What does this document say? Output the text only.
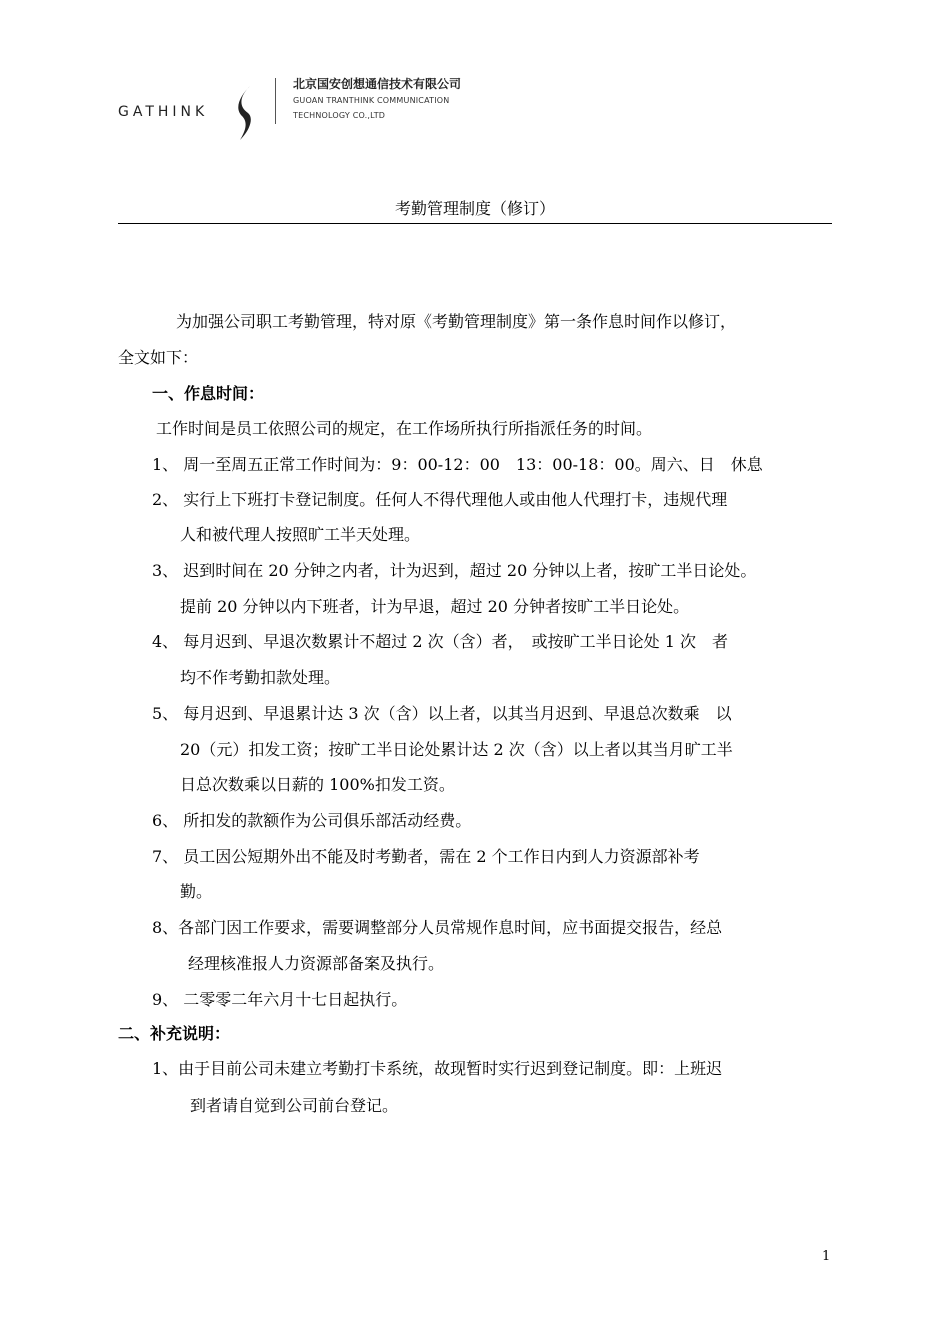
GATHINK
北京国安创想通信技术有限公司
GUOAN TRANTHINK COMMUNICATION
TECHNOLOGY CO.,LTD
考勤管理制度（修订）
为加强公司职工考勤管理，特对原《考勤管理制度》第一条作息时间作以修订，
全文如下：
一、作息时间：
工作时间是员工依照公司的规定，在工作场所执行所指派任务的时间。
1、 周一至周五正常工作时间为：9：00-12：00　13：00-18：00。周六、日　休息
2、 实行上下班打卡登记制度。任何人不得代理他人或由他人代理打卡，违规代理
人和被代理人按照旷工半天处理。
3、 迟到时间在 20 分钟之内者，计为迟到，超过 20 分钟以上者，按旷工半日论处。
提前 20 分钟以内下班者，计为早退，超过 20 分钟者按旷工半日论处。
4、 每月迟到、早退次数累计不超过 2 次（含）者，　或按旷工半日论处 1 次　者
均不作考勤扣款处理。
5、 每月迟到、早退累计达 3 次（含）以上者，以其当月迟到、早退总次数乘　以
20（元）扣发工资；按旷工半日论处累计达 2 次（含）以上者以其当月旷工半
日总次数乘以日薪的 100%扣发工资。
6、 所扣发的款额作为公司俱乐部活动经费。
7、 员工因公短期外出不能及时考勤者，需在 2 个工作日内到人力资源部补考
勤。
8、各部门因工作要求，需要调整部分人员常规作息时间，应书面提交报告，经总
经理核准报人力资源部备案及执行。
9、 二零零二年六月十七日起执行。
二、补充说明：
1、由于目前公司未建立考勤打卡系统，故现暂时实行迟到登记制度。即：上班迟
到者请自觉到公司前台登记。
1
